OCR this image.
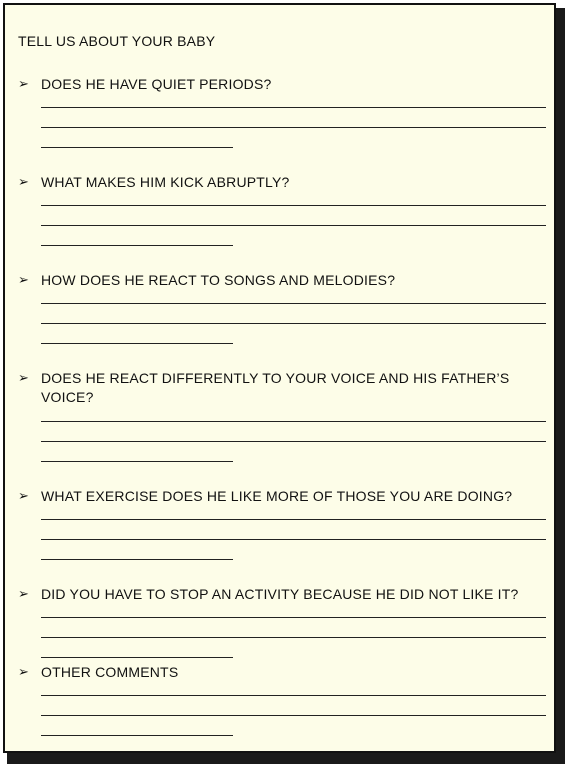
TELL US ABOUT YOUR BABY
➢ DOES HE HAVE QUIET PERIODS?
➢ WHAT MAKES HIM KICK ABRUPTLY?
➢ HOW DOES HE REACT TO SONGS AND MELODIES?
➢ DOES HE REACT DIFFERENTLY TO YOUR VOICE AND HIS FATHER’S VOICE?
➢ WHAT EXERCISE DOES HE LIKE MORE OF THOSE YOU ARE DOING?
➢ DID YOU HAVE TO STOP AN ACTIVITY BECAUSE HE DID NOT LIKE IT?
➢ OTHER COMMENTS
